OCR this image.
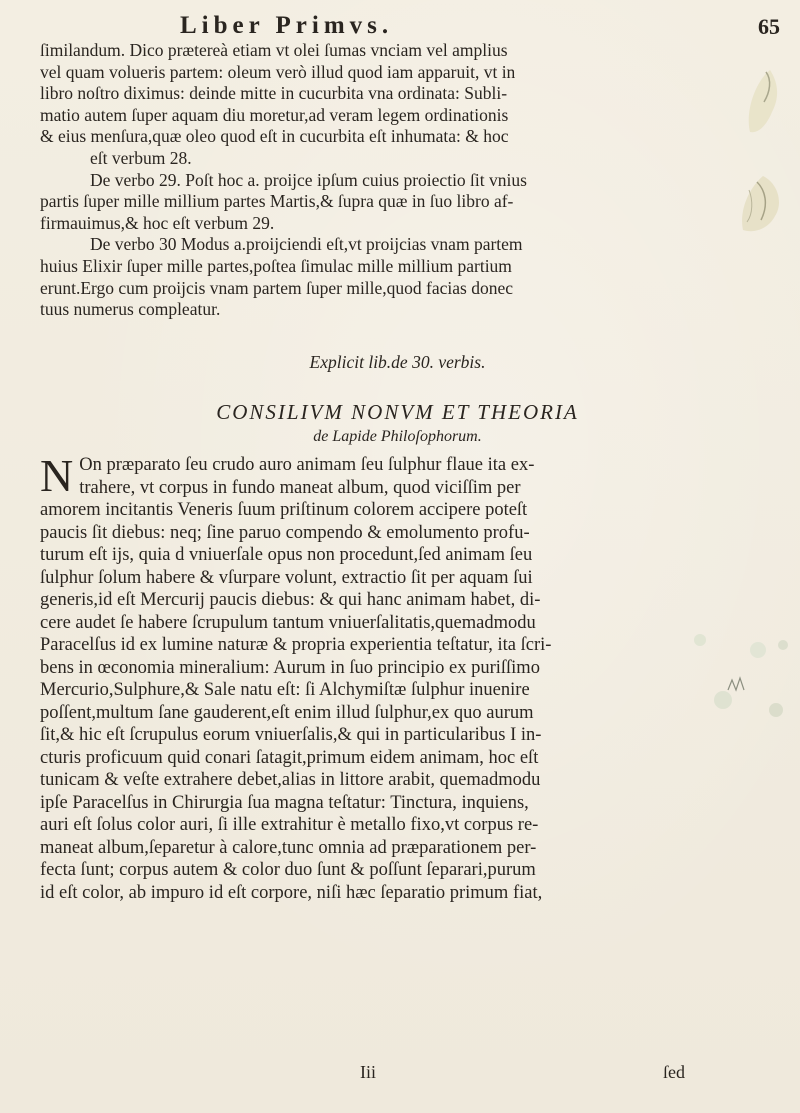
Liber Primvs.	65

ſimilandum. Dico prætereà etiam vt olei ſumas vnciam vel amplius

vel quam volueris partem: oleum verò illud quod iam apparuit, vt in

libro noſtro diximus: deinde mitte in cucurbita vna ordinata: Subli-

matio autem ſuper aquam diu moretur,ad veram legem ordinationis

& eius menſura,quæ oleo quod eſt in cucurbita eſt inhumata: & hoc

eſt verbum 28.

De verbo 29. Poſt hoc a. proijce ipſum cuius proiectio ſit vnius

partis ſuper mille millium partes Martis,& ſupra quæ in ſuo libro af-

firmauimus,& hoc eſt verbum 29.

De verbo 30 Modus a.proijciendi eſt,vt proijcias vnam partem

huius Elixir ſuper mille partes,poſtea ſimulac mille millium partium

erunt.Ergo cum proijcis vnam partem ſuper mille,quod facias donec

tuus numerus compleatur.

Explicit lib.de 30. verbis.
CONSILIVM NONVM ET THEORIA
de Lapide Philoſophorum.
N On præparato ſeu crudo auro animam ſeu ſulphur flaue ita ex-

trahere, vt corpus in fundo maneat album, quod viciſſim per

amorem incitantis Veneris ſuum priſtinum colorem accipere poteſt

paucis ſit diebus: neq; ſine paruo compendo & emolumento profu-

turum eſt ijs, quia d vniuerſale opus non procedunt,ſed animam ſeu

ſulphur ſolum habere & vſurpare volunt, extractio ſit per aquam ſui

generis,id eſt Mercurij paucis diebus: & qui hanc animam habet, di-

cere audet ſe habere ſcrupulum tantum vniuerſalitatis,quemadmodu

Paracelſus id ex lumine naturæ & propria experientia teſtatur, ita ſcri-

bens in œconomia mineralium: Aurum in ſuo principio ex puriſſimo

Mercurio,Sulphure,& Sale natu eſt: ſi Alchymiſtæ ſulphur inuenire

poſſent,multum ſane gauderent,eſt enim illud ſulphur,ex quo aurum

ſit,& hic eſt ſcrupulus eorum vniuerſalis,& qui in particularibus I in-

cturis proficuum quid conari ſatagit,primum eidem animam, hoc eſt

tunicam & veſte extrahere debet,alias in littore arabit, quemadmodu

ipſe Paracelſus in Chirurgia ſua magna teſtatur: Tinctura, inquiens,

auri eſt ſolus color auri, ſi ille extrahitur è metallo fixo,vt corpus re-

maneat album,ſeparetur à calore,tunc omnia ad præparationem per-

fecta ſunt; corpus autem & color duo ſunt & poſſunt ſeparari,purum

id eſt color, ab impuro id eſt corpore, niſi hæc ſeparatio primum fiat,

Iii	ſed
